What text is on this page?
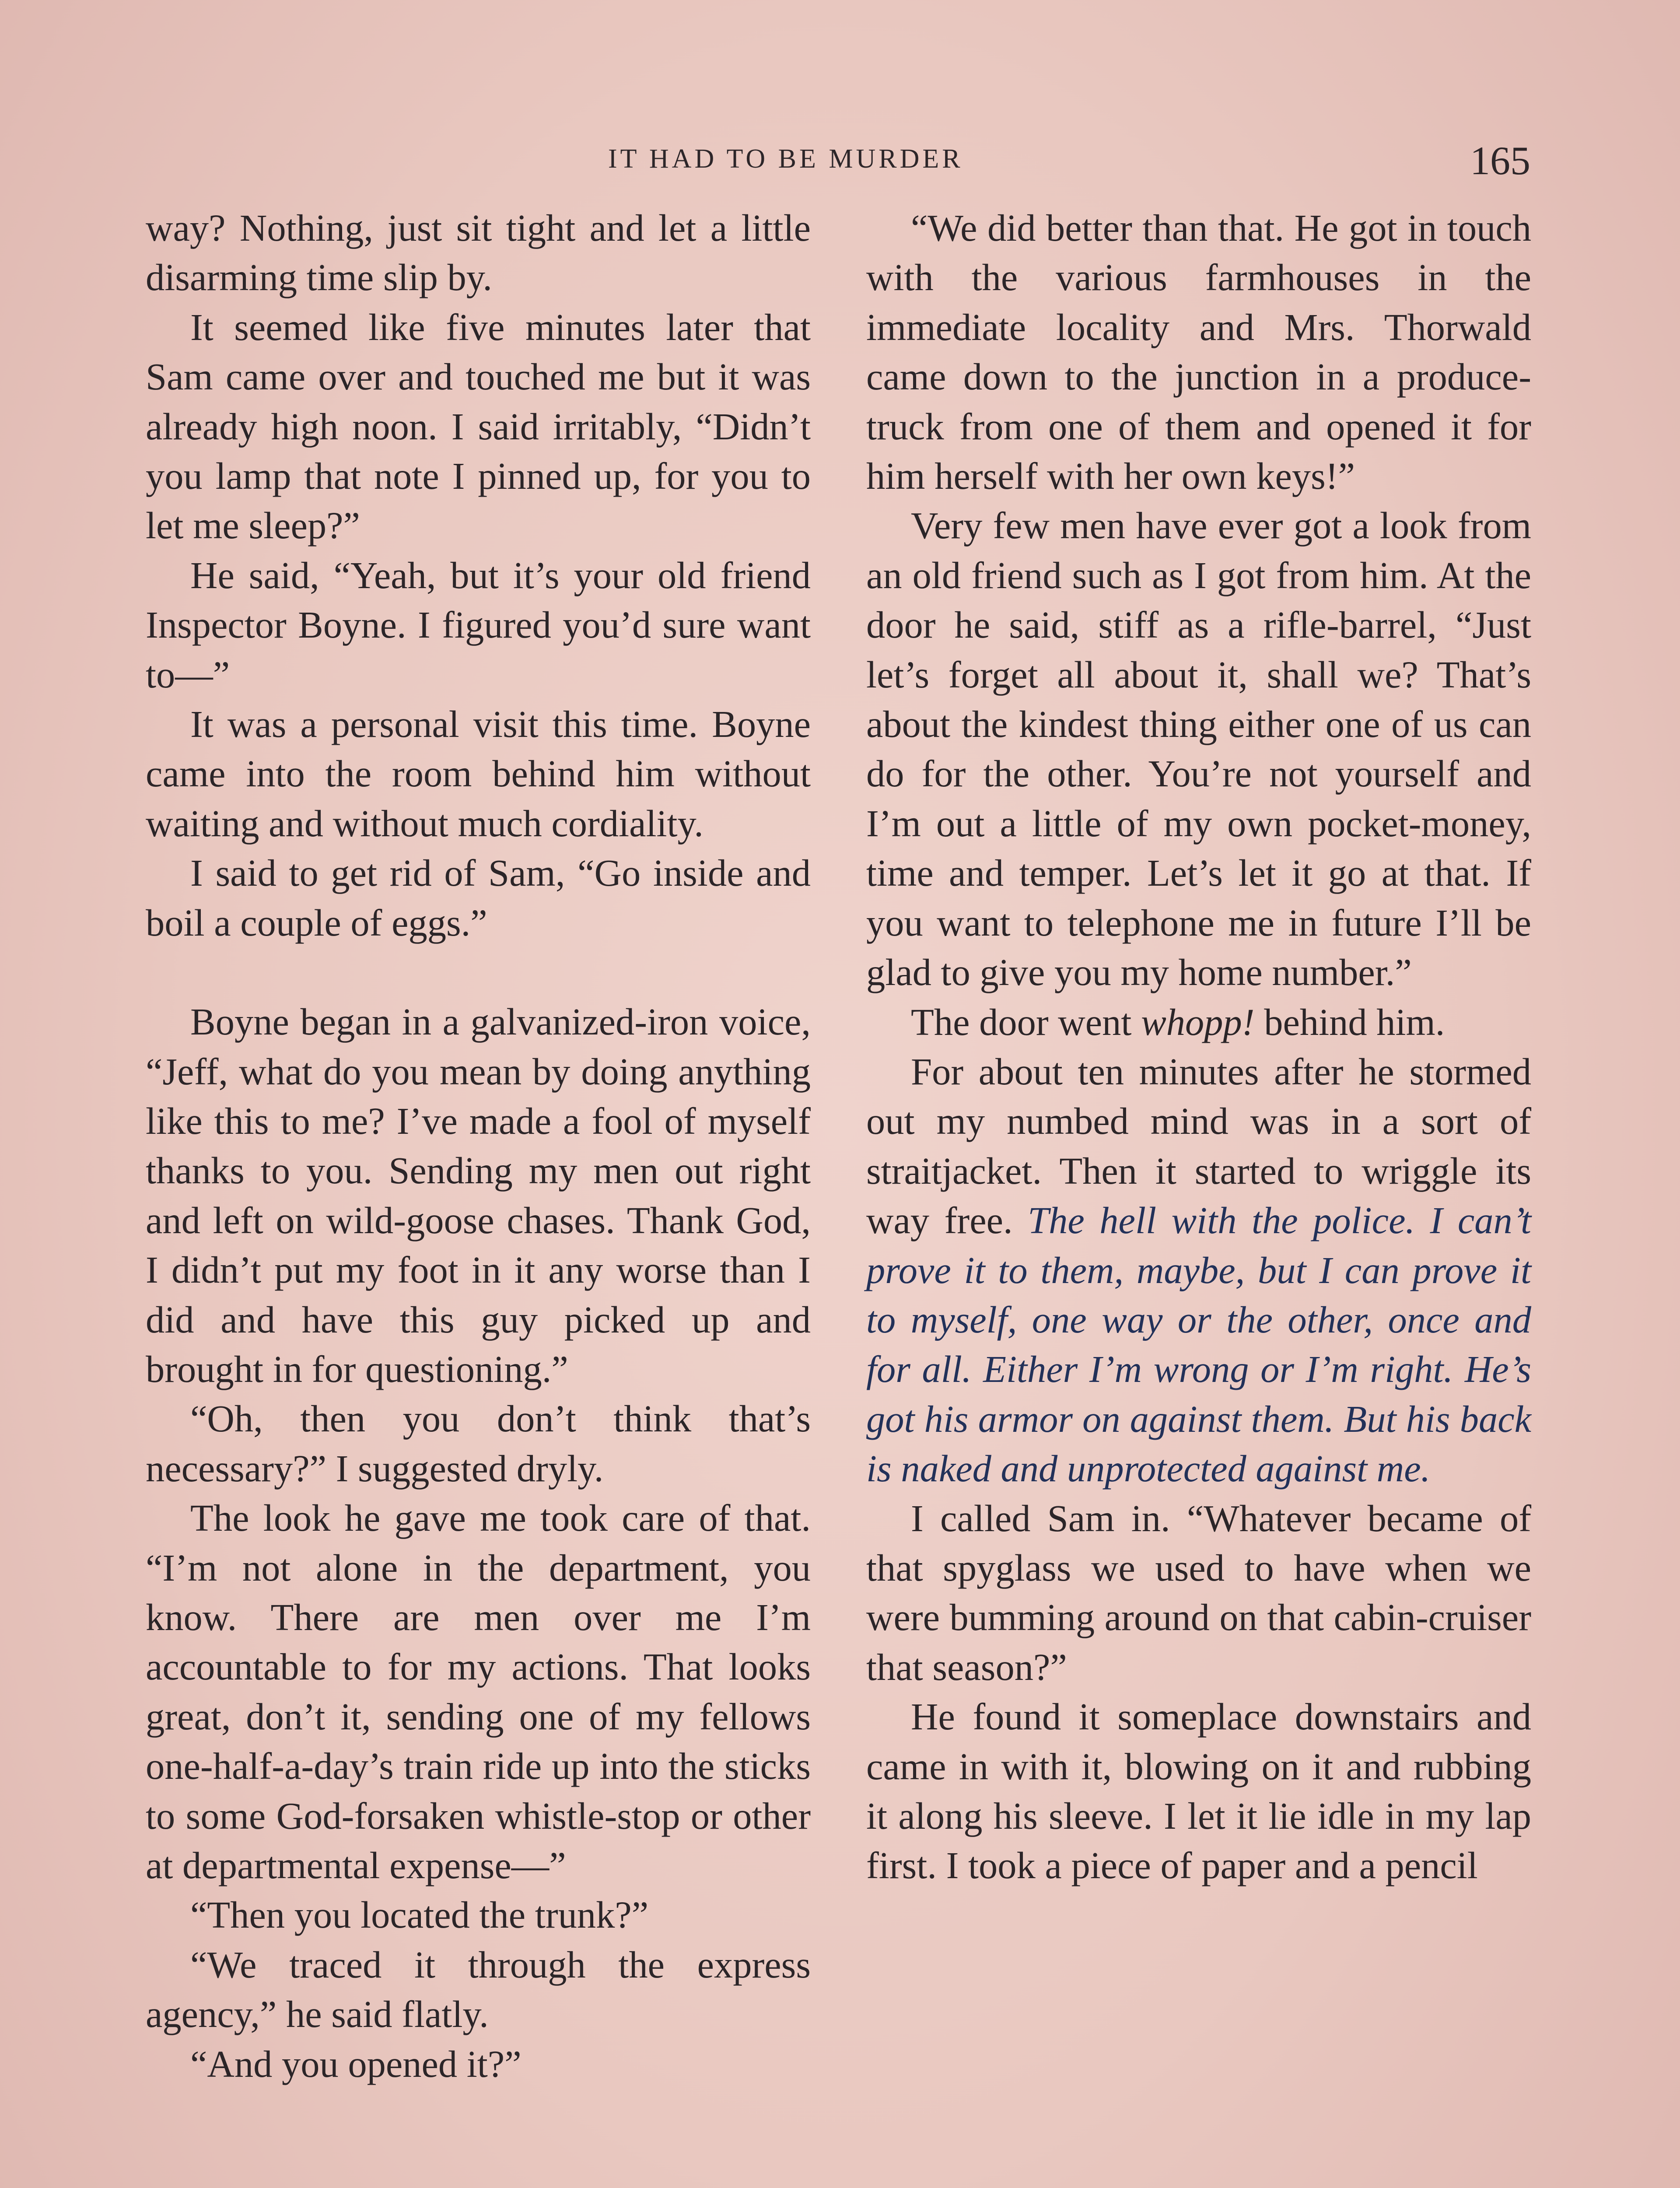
IT HAD TO BE MURDER	165

way? Nothing, just sit tight and let a little disarming time slip by.

It seemed like five minutes later that Sam came over and touched me but it was already high noon. I said irritably, “Didn’t you lamp that note I pinned up, for you to let me sleep?”

He said, “Yeah, but it’s your old friend Inspector Boyne. I figured you’d sure want to—”

It was a personal visit this time. Boyne came into the room behind him without waiting and without much cordiality.

I said to get rid of Sam, “Go inside and boil a couple of eggs.”

Boyne began in a galvanized-iron voice, “Jeff, what do you mean by doing anything like this to me? I’ve made a fool of myself thanks to you. Sending my men out right and left on wild-goose chases. Thank God, I didn’t put my foot in it any worse than I did and have this guy picked up and brought in for questioning.”

“Oh, then you don’t think that’s necessary?” I suggested dryly.

The look he gave me took care of that. “I’m not alone in the department, you know. There are men over me I’m accountable to for my actions. That looks great, don’t it, sending one of my fellows one-half-a-day’s train ride up into the sticks to some God-forsaken whistle-stop or other at departmental expense—”

“Then you located the trunk?”

“We traced it through the express agency,” he said flatly.

“And you opened it?”

“We did better than that. He got in touch with the various farmhouses in the immediate locality and Mrs. Thorwald came down to the junction in a produce-truck from one of them and opened it for him herself with her own keys!”

Very few men have ever got a look from an old friend such as I got from him. At the door he said, stiff as a rifle-barrel, “Just let’s forget all about it, shall we? That’s about the kindest thing either one of us can do for the other. You’re not yourself and I’m out a little of my own pocket-money, time and temper. Let’s let it go at that. If you want to telephone me in future I’ll be glad to give you my home number.”

The door went whopp! behind him.

For about ten minutes after he stormed out my numbed mind was in a sort of straitjacket. Then it started to wriggle its way free. The hell with the police. I can’t prove it to them, maybe, but I can prove it to myself, one way or the other, once and for all. Either I’m wrong or I’m right. He’s got his armor on against them. But his back is naked and unprotected against me.

I called Sam in. “Whatever became of that spyglass we used to have when we were bumming around on that cabin-cruiser that season?”

He found it someplace downstairs and came in with it, blowing on it and rubbing it along his sleeve. I let it lie idle in my lap first. I took a piece of paper and a pencil
